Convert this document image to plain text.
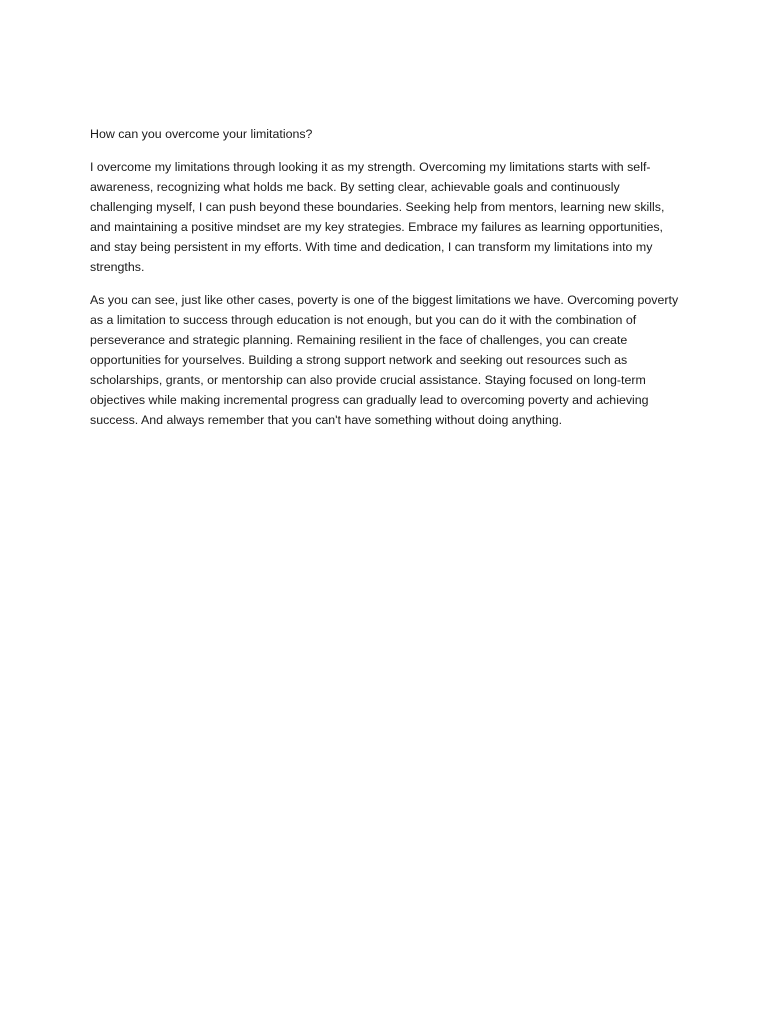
How can you overcome your limitations?

I overcome my limitations through looking it as my strength. Overcoming my limitations starts with self-awareness, recognizing what holds me back. By setting clear, achievable goals and continuously challenging myself, I can push beyond these boundaries. Seeking help from mentors, learning new skills, and maintaining a positive mindset are my key strategies. Embrace my failures as learning opportunities, and stay being persistent in my efforts. With time and dedication, I can transform my limitations into my strengths.

As you can see, just like other cases, poverty is one of the biggest limitations we have. Overcoming poverty as a limitation to success through education is not enough, but you can do it with the combination of perseverance and strategic planning. Remaining resilient in the face of challenges, you can create opportunities for yourselves. Building a strong support network and seeking out resources such as scholarships, grants, or mentorship can also provide crucial assistance. Staying focused on long-term objectives while making incremental progress can gradually lead to overcoming poverty and achieving success. And always remember that you can't have something without doing anything.
